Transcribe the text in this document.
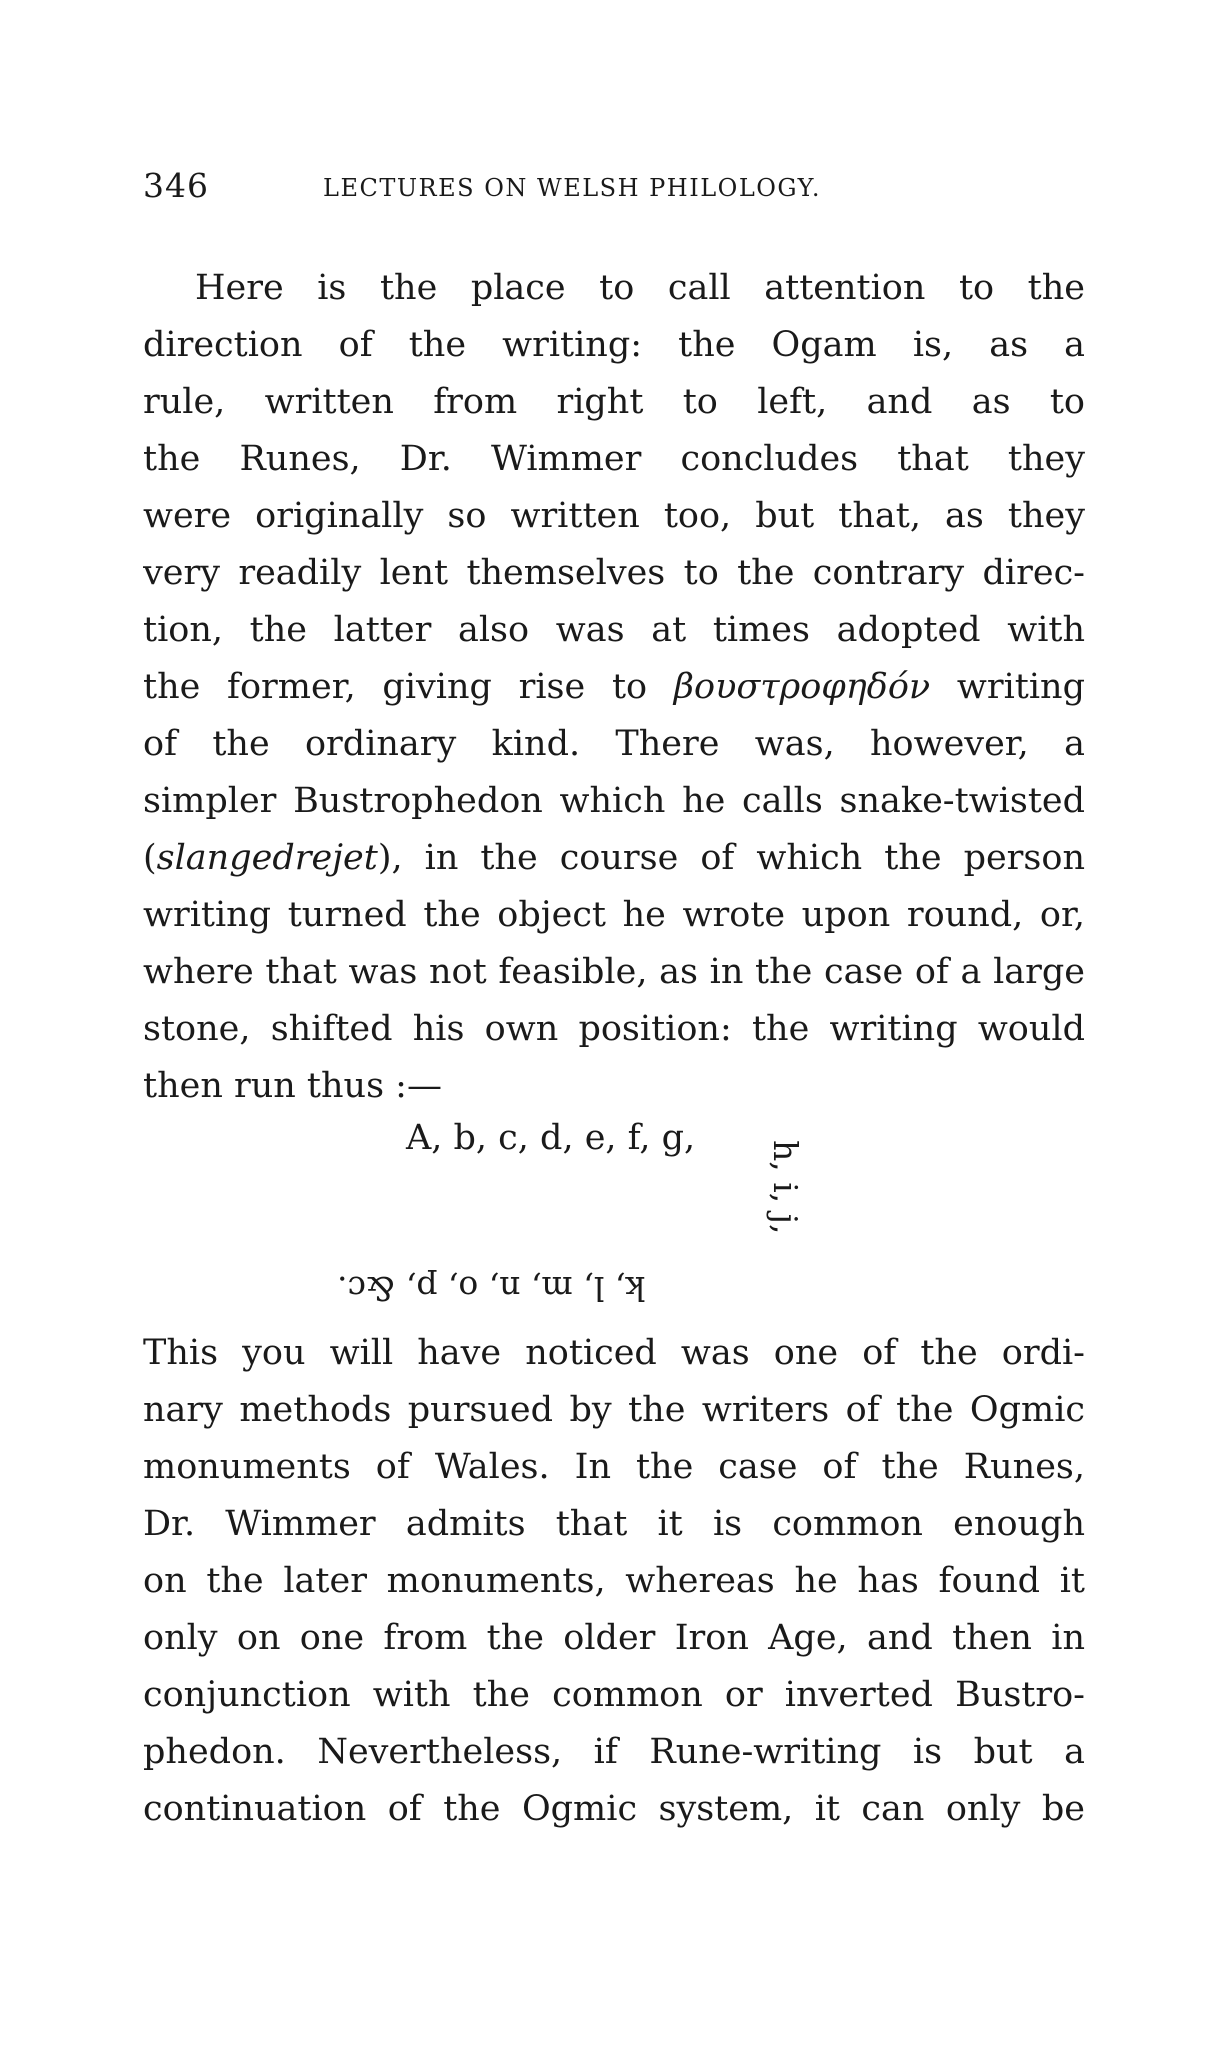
346	LECTURES ON WELSH PHILOLOGY.
Here is the place to call attention to the
direction of the writing: the Ogam is, as a
rule, written from right to left, and as to
the Runes, Dr. Wimmer concludes that they
were originally so written too, but that, as they
very readily lent themselves to the contrary direc-
tion, the latter also was at times adopted with
the former, giving rise to βουστροφηδόν writing
of the ordinary kind. There was, however, a
simpler Bustrophedon which he calls snake-twisted
(slangedrejet), in the course of which the person
writing turned the object he wrote upon round, or,
where that was not feasible, as in the case of a large
stone, shifted his own position: the writing would
then run thus :—
A, b, c, d, e, f, g,
h, i, j,
k, l, m, n, o, p, &c.
This you will have noticed was one of the ordi-
nary methods pursued by the writers of the Ogmic
monuments of Wales. In the case of the Runes,
Dr. Wimmer admits that it is common enough
on the later monuments, whereas he has found it
only on one from the older Iron Age, and then in
conjunction with the common or inverted Bustro-
phedon. Nevertheless, if Rune-writing is but a
continuation of the Ogmic system, it can only be
